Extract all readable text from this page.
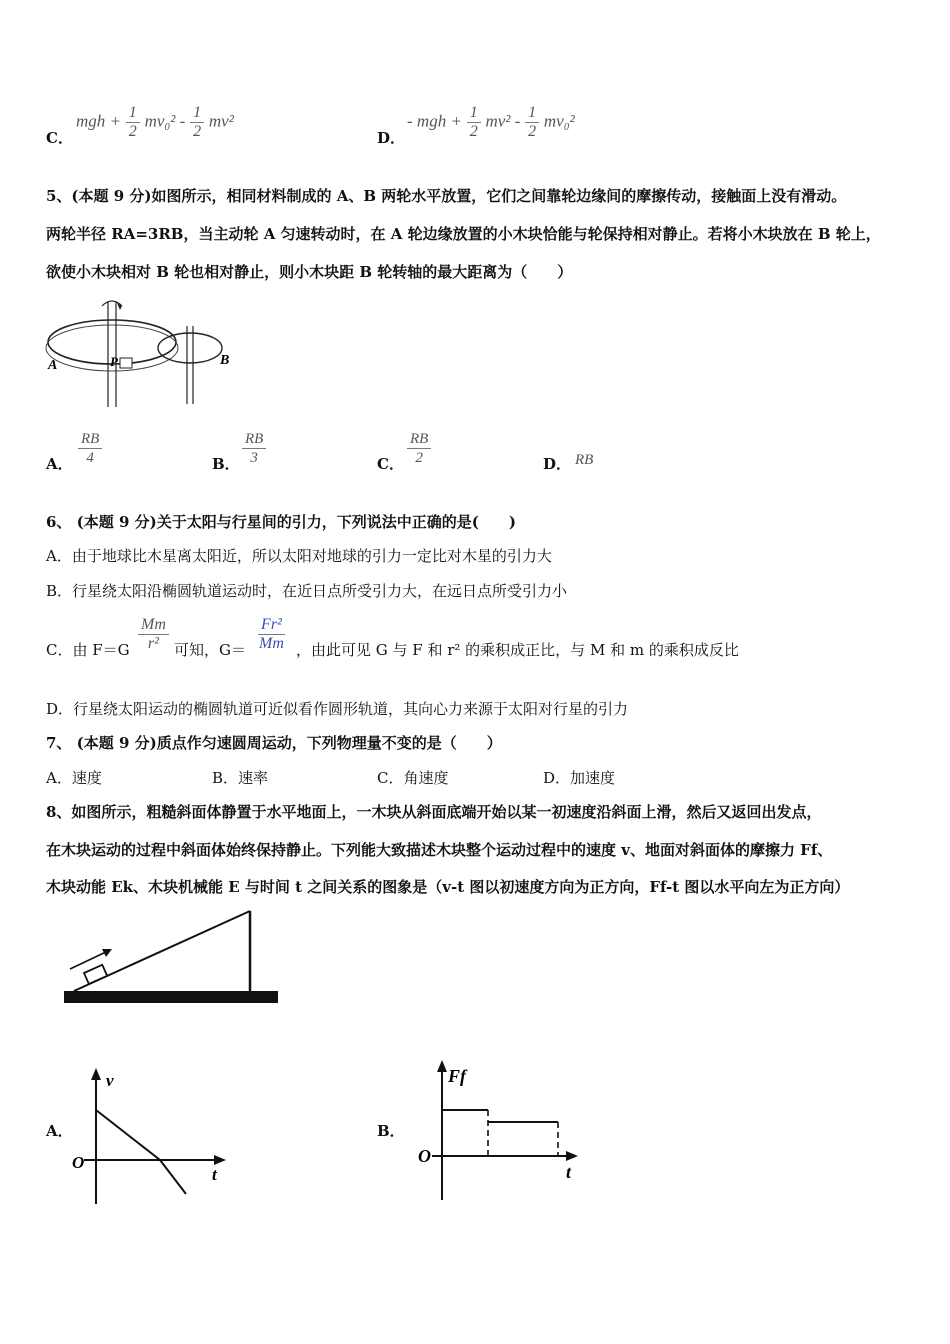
C．
mgh + $\frac{1}{2} mv_0^2 - \frac{1}{2} mv^2$
D．
- mgh + $\frac{1}{2} mv^2 - \frac{1}{2} mv_0^2$
5、(本题 9 分)如图所示，相同材料制成的 A、B 两轮水平放置，它们之间靠轮边缘间的摩擦传动，接触面上没有滑动。
两轮半径 RA=3RB，当主动轮 A 匀速转动时，在 A 轮边缘放置的小木块恰能与轮保持相对静止。若将小木块放在 B 轮上，
欲使小木块相对 B 轮也相对静止，则小木块距 B 轮转轴的最大距离为（　　）
A	P	B
A． $\frac{RB}{4}$	B． $\frac{RB}{3}$	C． $\frac{RB}{2}$	D． RB
6、 (本题 9 分)关于太阳与行星间的引力，下列说法中正确的是(　　)
A．由于地球比木星离太阳近，所以太阳对地球的引力一定比对木星的引力大
B．行星绕太阳沿椭圆轨道运动时，在近日点所受引力大，在远日点所受引力小
C．由 $F=G \frac{Mm}{\text{r²}}$ 可知，$G= \frac{\text{Fr²}}{Mm}$ ，由此可见 G 与 F 和 r² 的乘积成正比，与 M 和 m 的乘积成反比
D．行星绕太阳运动的椭圆轨道可近似看作圆形轨道，其向心力来源于太阳对行星的引力
7、 (本题 9 分)质点作匀速圆周运动，下列物理量不变的是（　　）
A．速度	B．速率	C．角速度	D．加速度
8、如图所示，粗糙斜面体静置于水平地面上，一木块从斜面底端开始以某一初速度沿斜面上滑，然后又返回出发点，
在木块运动的过程中斜面体始终保持静止。下列能大致描述木块整个运动过程中的速度 v、地面对斜面体的摩擦力 Ff、
木块动能 Ek、木块机械能 E 与时间 t 之间关系的图象是（v-t 图以初速度方向为正方向，Ff-t 图以水平向左为正方向）
A．
v
O
t
B．
Ff
O
t
